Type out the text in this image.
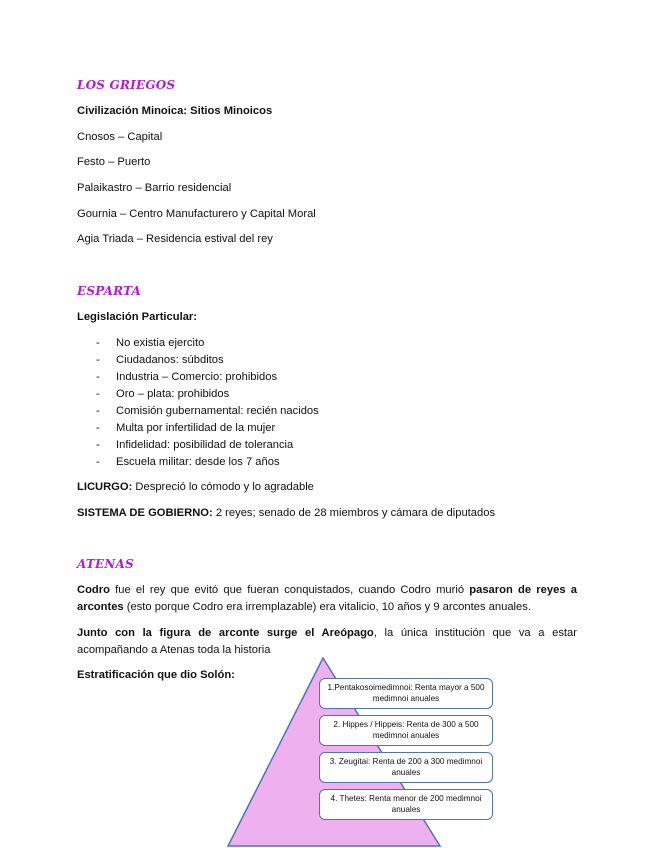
LOS GRIEGOS

Civilización Minoica: Sitios Minoicos

Cnosos – Capital

Festo – Puerto

Palaikastro – Barrio residencial

Gournia – Centro Manufacturero y Capital Moral

Agia Triada – Residencia estival del rey

ESPARTA

Legislación Particular:

- No existia ejercito
- Ciudadanos: súbditos
- Industria – Comercio: prohibidos
- Oro – plata: prohibidos
- Comisión gubernamental: recién nacidos
- Multa por infertilidad de la mujer
- Infidelidad: posibilidad de tolerancia
- Escuela militar: desde los 7 años

LICURGO: Despreció lo cómodo y lo agradable

SISTEMA DE GOBIERNO: 2 reyes; senado de 28 miembros y cámara de diputados

ATENAS

Codro fue el rey que evitó que fueran conquistados, cuando Codro murió pasaron de reyes a arcontes (esto porque Codro era irremplazable) era vitalicio, 10 años y 9 arcontes anuales.

Junto con la figura de arconte surge el Areópago, la única institución que va a estar acompañando a Atenas toda la historia

Estratificación que dio Solón:

1.Pentakosoimedimnoi: Renta mayor a 500 medimnoi anuales
2. Hippes / Hippeis: Renta de 300 a 500 medimnoi anuales
3. Zeugitai: Renta de 200 a 300 medimnoi anuales
4. Thetes: Renta menor de 200 medimnoi anuales
